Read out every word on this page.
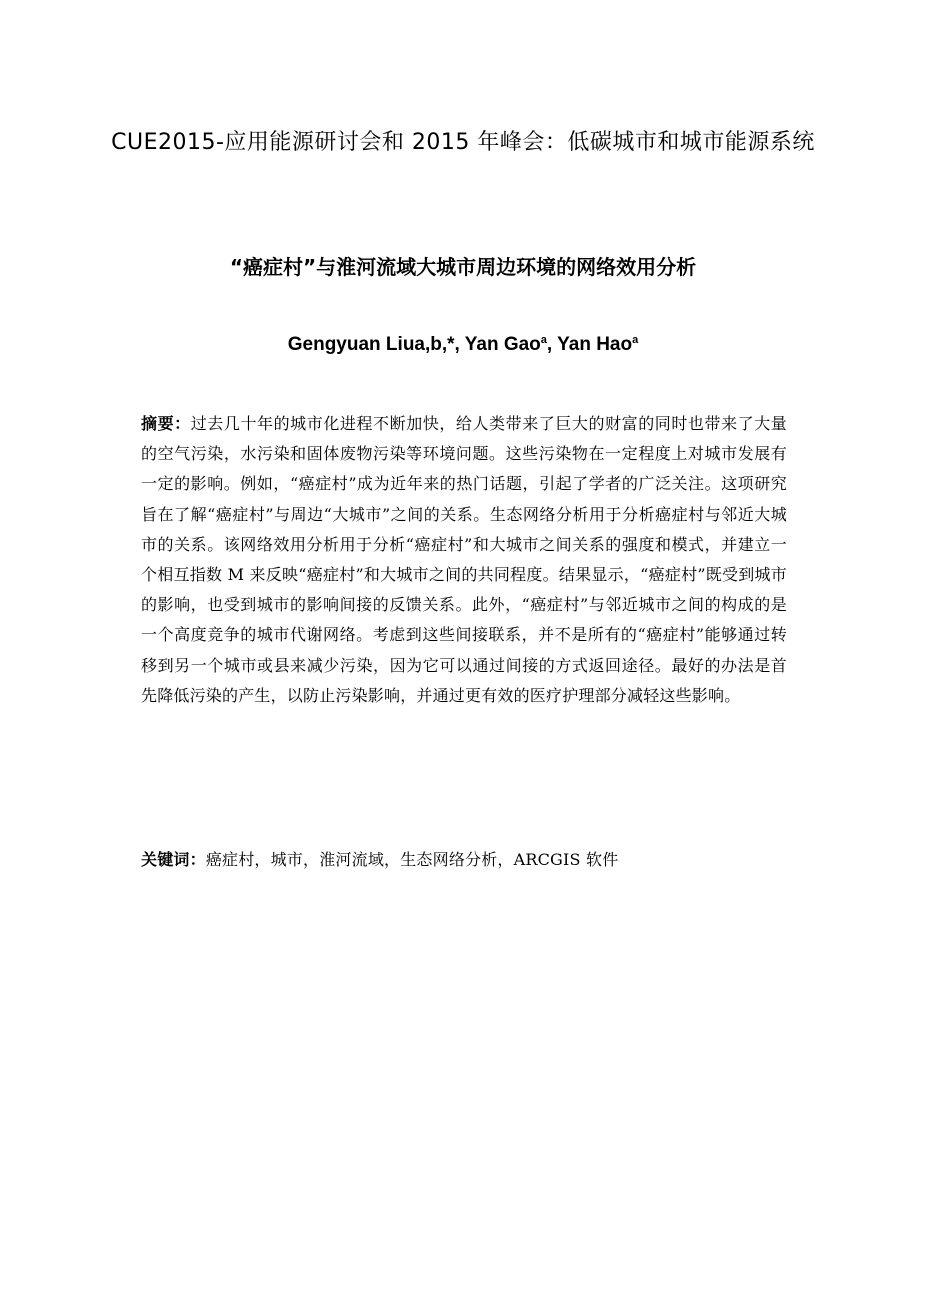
CUE2015-应用能源研讨会和 2015 年峰会：低碳城市和城市能源系统
“癌症村”与淮河流域大城市周边环境的网络效用分析
Gengyuan Liua,b,*, Yan Gao$^a$, Yan Hao$^a$
摘要：过去几十年的城市化进程不断加快，给人类带来了巨大的财富的同时也带来了大量的空气污染，水污染和固体废物污染等环境问题。这些污染物在一定程度上对城市发展有一定的影响。例如，“癌症村”成为近年来的热门话题，引起了学者的广泛关注。这项研究旨在了解“癌症村”与周边“大城市”之间的关系。生态网络分析用于分析癌症村与邻近大城市的关系。该网络效用分析用于分析“癌症村”和大城市之间关系的强度和模式，并建立一个相互指数 M 来反映“癌症村”和大城市之间的共同程度。结果显示，“癌症村”既受到城市的影响，也受到城市的影响间接的反馈关系。此外，“癌症村”与邻近城市之间的构成的是一个高度竞争的城市代谢网络。考虑到这些间接联系，并不是所有的“癌症村”能够通过转移到另一个城市或县来减少污染，因为它可以通过间接的方式返回途径。最好的办法是首先降低污染的产生，以防止污染影响，并通过更有效的医疗护理部分减轻这些影响。
关键词：癌症村，城市，淮河流域，生态网络分析，ARCGIS 软件
